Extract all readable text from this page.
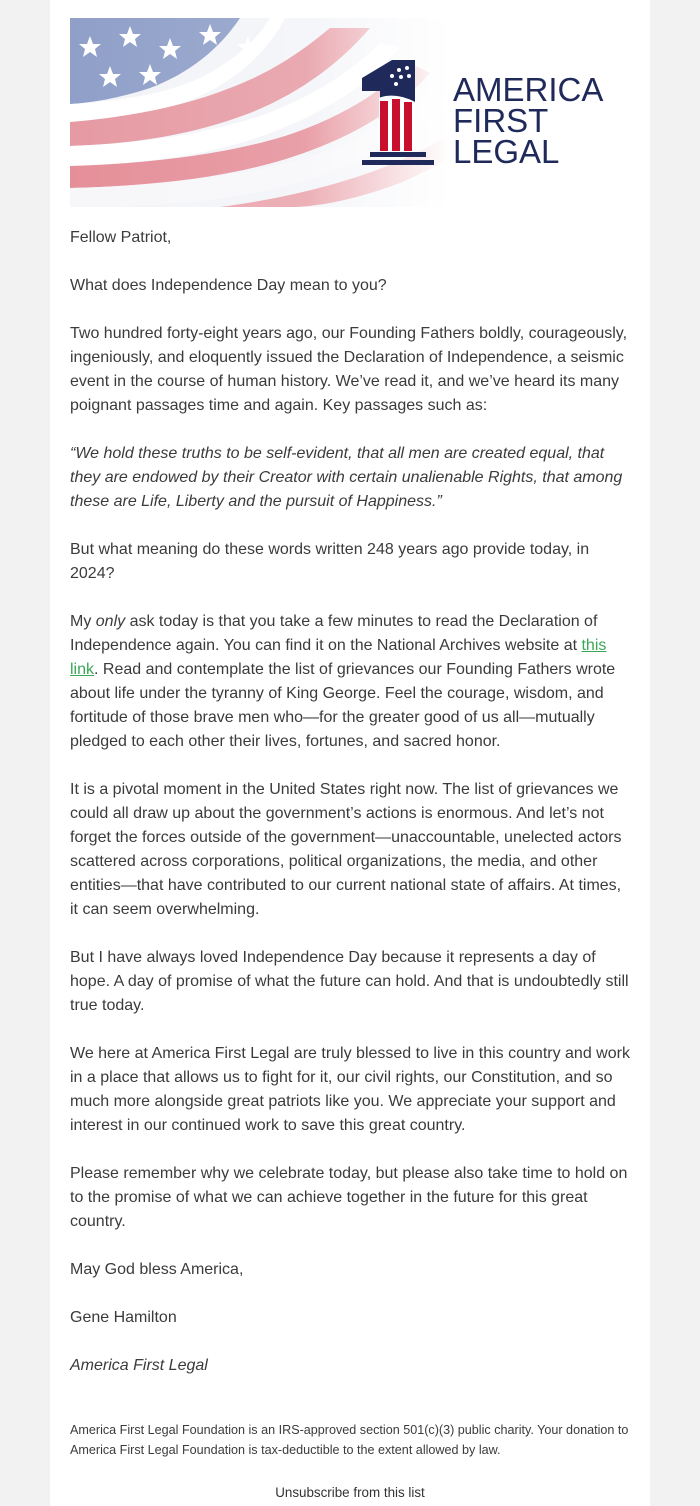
AMERICA
FIRST
LEGAL

Fellow Patriot,

What does Independence Day mean to you?

Two hundred forty-eight years ago, our Founding Fathers boldly, courageously, ingeniously, and eloquently issued the Declaration of Independence, a seismic event in the course of human history. We’ve read it, and we’ve heard its many poignant passages time and again. Key passages such as:

“We hold these truths to be self-evident, that all men are created equal, that they are endowed by their Creator with certain unalienable Rights, that among these are Life, Liberty and the pursuit of Happiness.”

But what meaning do these words written 248 years ago provide today, in 2024?

My only ask today is that you take a few minutes to read the Declaration of Independence again. You can find it on the National Archives website at this link. Read and contemplate the list of grievances our Founding Fathers wrote about life under the tyranny of King George. Feel the courage, wisdom, and fortitude of those brave men who—for the greater good of us all—mutually pledged to each other their lives, fortunes, and sacred honor.

It is a pivotal moment in the United States right now. The list of grievances we could all draw up about the government’s actions is enormous. And let’s not forget the forces outside of the government—unaccountable, unelected actors scattered across corporations, political organizations, the media, and other entities—that have contributed to our current national state of affairs. At times, it can seem overwhelming.

But I have always loved Independence Day because it represents a day of hope. A day of promise of what the future can hold. And that is undoubtedly still true today.

We here at America First Legal are truly blessed to live in this country and work in a place that allows us to fight for it, our civil rights, our Constitution, and so much more alongside great patriots like you. We appreciate your support and interest in our continued work to save this great country.

Please remember why we celebrate today, but please also take time to hold on to the promise of what we can achieve together in the future for this great country.

May God bless America,

Gene Hamilton

America First Legal

America First Legal Foundation is an IRS-approved section 501(c)(3) public charity. Your donation to America First Legal Foundation is tax-deductible to the extent allowed by law.
Unsubscribe from this list
